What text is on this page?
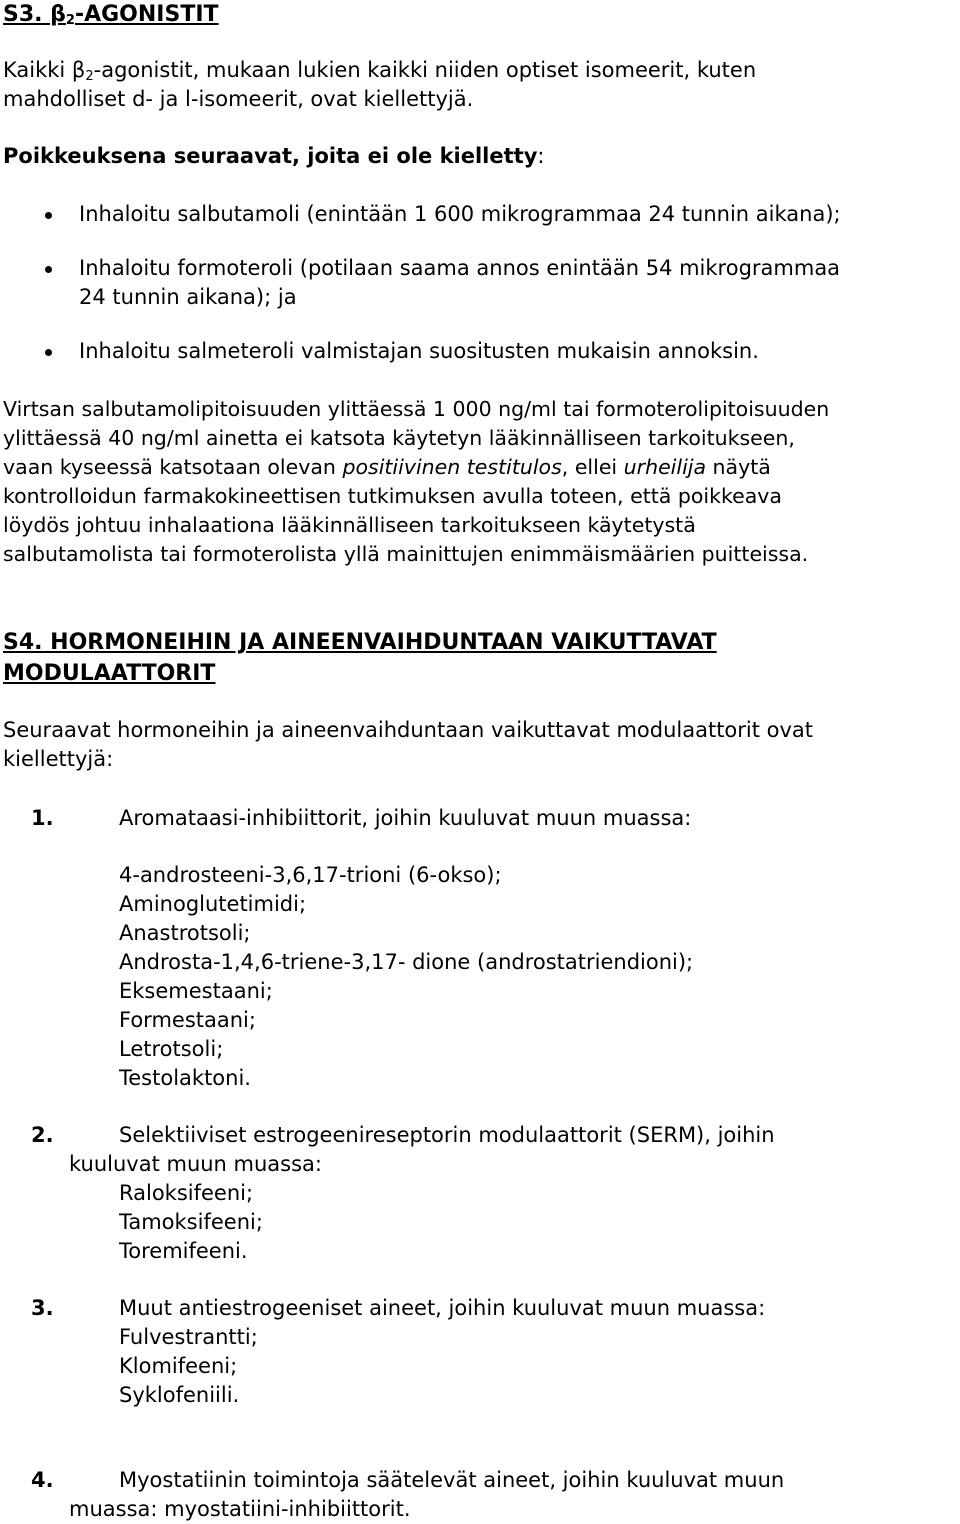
S3. $\beta_2$-AGONISTIT
Kaikki $\beta_2$-agonistit, mukaan lukien kaikki niiden optiset isomeerit, kuten
mahdolliset d- ja l-isomeerit, ovat kiellettyjä.
Poikkeuksena seuraavat, joita ei ole kielletty:
Inhaloitu salbutamoli (enintään 1 600 mikrogrammaa 24 tunnin aikana);
Inhaloitu formoteroli (potilaan saama annos enintään 54 mikrogrammaa
24 tunnin aikana); ja
Inhaloitu salmeteroli valmistajan suositusten mukaisin annoksin.
Virtsan salbutamolipitoisuuden ylittäessä 1 000 ng/ml tai formoterolipitoisuuden
ylittäessä 40 ng/ml ainetta ei katsota käytetyn lääkinnälliseen tarkoitukseen,
vaan kyseessä katsotaan olevan positiivinen testitulos, ellei urheilija näytä
kontrolloidun farmakokineettisen tutkimuksen avulla toteen, että poikkeava
löydös johtuu inhalaationa lääkinnälliseen tarkoitukseen käytetystä
salbutamolista tai formoterolista yllä mainittujen enimmäismäärien puitteissa.
S4. HORMONEIHIN JA AINEENVAIHDUNTAAN VAIKUTTAVAT
MODULAATTORIT
Seuraavat hormoneihin ja aineenvaihduntaan vaikuttavat modulaattorit ovat
kiellettyjä:
1.	Aromataasi-inhibiittorit, joihin kuuluvat muun muassa:
4-androsteeni-3,6,17-trioni (6-okso);
Aminoglutetimidi;
Anastrotsoli;
Androsta-1,4,6-triene-3,17- dione (androstatriendioni);
Eksemestaani;
Formestaani;
Letrotsoli;
Testolaktoni.
2.	Selektiiviset estrogeenireseptorin modulaattorit (SERM), joihin
kuuluvat muun muassa:
Raloksifeeni;
Tamoksifeeni;
Toremifeeni.
3.	Muut antiestrogeeniset aineet, joihin kuuluvat muun muassa:
Fulvestrantti;
Klomifeeni;
Syklofeniili.
4.	Myostatiinin toimintoja säätelevät aineet, joihin kuuluvat muun
muassa: myostatiini-inhibiittorit.
